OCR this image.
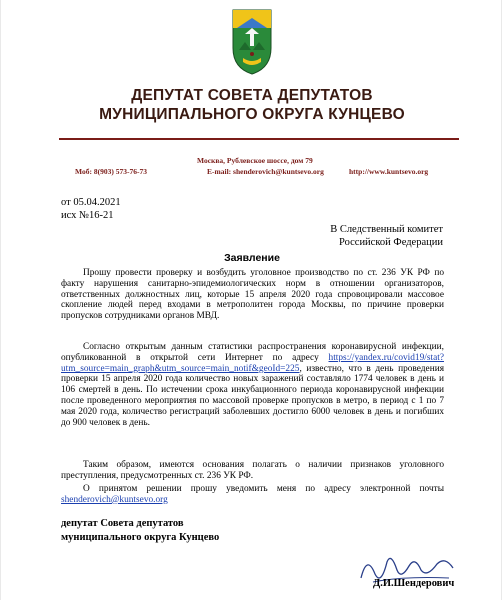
ДЕПУТАТ СОВЕТА ДЕПУТАТОВ
МУНИЦИПАЛЬНОГО ОКРУГА КУНЦЕВО
Москва, Рублевское шоссе, дом 79
Моб: 8(903) 573-76-73	E-mail: shenderovich@kuntsevo.org	http://www.kuntsevo.org
от 05.04.2021
исх №16-21
В Следственный комитет
Российской Федерации
Заявление
Прошу провести проверку и возбудить уголовное производство по ст. 236 УК РФ по факту нарушения санитарно-эпидемиологических норм в отношении организаторов, ответственных должностных лиц, которые 15 апреля 2020 года спровоцировали массовое скопление людей перед входами в метрополитен города Москвы, по причине проверки пропусков сотрудниками органов МВД.
Согласно открытым данным статистики распространения коронавирусной инфекции, опубликованной в открытой сети Интернет по адресу https://yandex.ru/covid19/stat?utm_source=main_graph&utm_source=main_notif&geoId=225, известно, что в день проведения проверки 15 апреля 2020 года количество новых заражений составляло 1774 человек в день и 106 смертей в день. По истечении срока инкубационного периода коронавирусной инфекции после проведенного мероприятия по массовой проверке пропусков в метро, в период с 1 по 7 мая 2020 года, количество регистраций заболевших достигло 6000 человек в день и погибших до 900 человек в день.
Таким образом, имеются основания полагать о наличии признаков уголовного преступления, предусмотренных ст. 236 УК РФ.
О принятом решении прошу уведомить меня по адресу электронной почты shenderovich@kuntsevo.org
депутат Совета депутатов
муниципального округа Кунцево
Д.И.Шендерович
